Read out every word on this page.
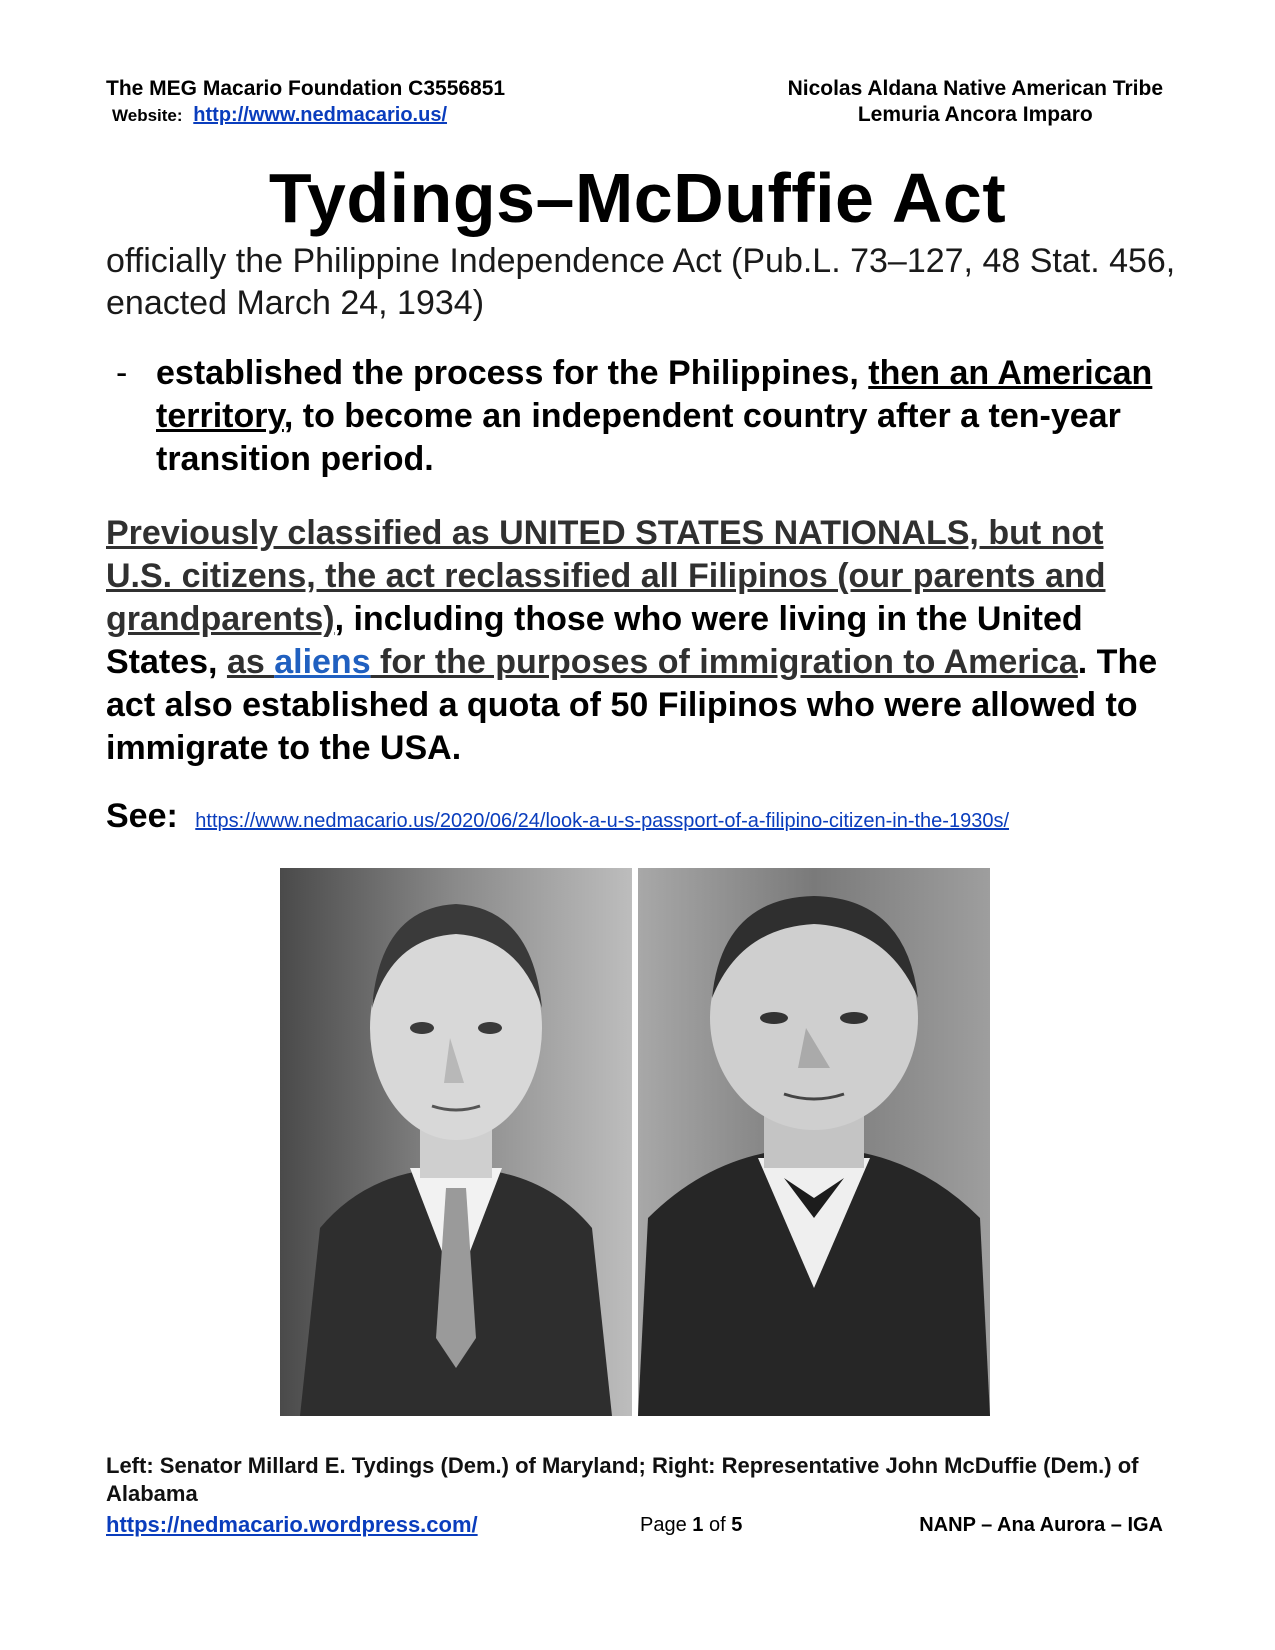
The MEG Macario Foundation C3556851
Website: http://www.nedmacario.us/
Nicolas Aldana Native American Tribe
Lemuria Ancora Imparo
Tydings–McDuffie Act
officially the Philippine Independence Act (Pub.L. 73–127, 48 Stat. 456, enacted March 24, 1934)
- established the process for the Philippines, then an American territory, to become an independent country after a ten-year transition period.
Previously classified as UNITED STATES NATIONALS, but not U.S. citizens, the act reclassified all Filipinos (our parents and grandparents), including those who were living in the United States, as aliens for the purposes of immigration to America. The act also established a quota of 50 Filipinos who were allowed to immigrate to the USA.
See: https://www.nedmacario.us/2020/06/24/look-a-u-s-passport-of-a-filipino-citizen-in-the-1930s/
Left: Senator Millard E. Tydings (Dem.) of Maryland; Right: Representative John McDuffie (Dem.) of Alabama
https://nedmacario.wordpress.com/	Page 1 of 5	NANP – Ana Aurora – IGA
